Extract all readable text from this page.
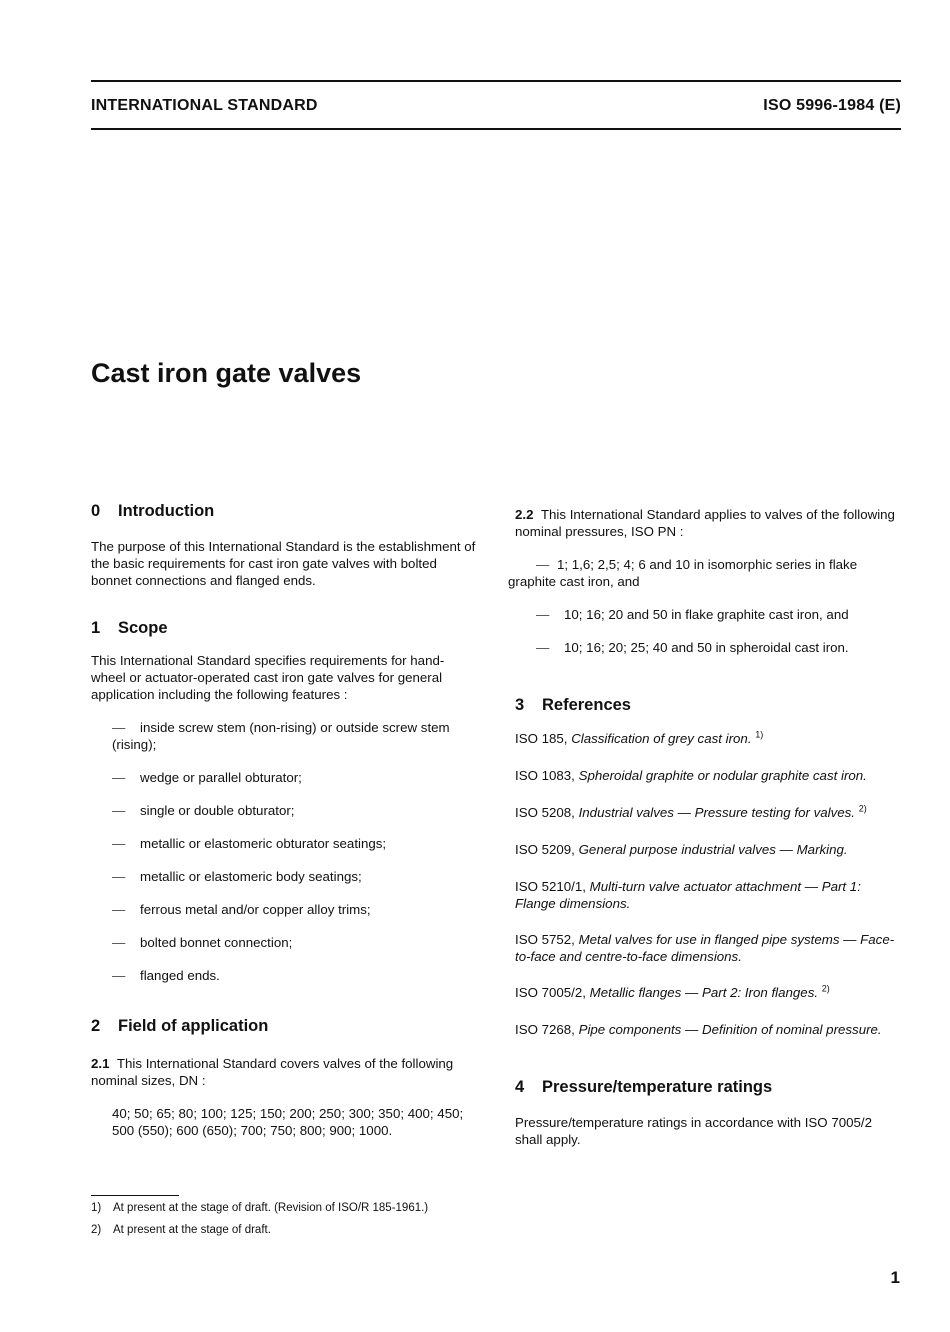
INTERNATIONAL STANDARD	ISO 5996-1984 (E)
Cast iron gate valves
0 Introduction

The purpose of this International Standard is the establishment of the basic requirements for cast iron gate valves with bolted bonnet connections and flanged ends.

1 Scope

This International Standard specifies requirements for hand-wheel or actuator-operated cast iron gate valves for general application including the following features :

— inside screw stem (non-rising) or outside screw stem (rising);
— wedge or parallel obturator;
— single or double obturator;
— metallic or elastomeric obturator seatings;
— metallic or elastomeric body seatings;
— ferrous metal and/or copper alloy trims;
— bolted bonnet connection;
— flanged ends.
2 Field of application

2.1 This International Standard covers valves of the following nominal sizes, DN :

40; 50; 65; 80; 100; 125; 150; 200; 250; 300; 350; 400; 450; 500 (550); 600 (650); 700; 750; 800; 900; 1000.

2.2 This International Standard applies to valves of the following nominal pressures, ISO PN :

— 1; 1,6; 2,5; 4; 6 and 10 in isomorphic series in flake graphite cast iron, and
— 10; 16; 20 and 50 in flake graphite cast iron, and
— 10; 16; 20; 25; 40 and 50 in spheroidal cast iron.
3 References

ISO 185, Classification of grey cast iron. $^{1)}$

ISO 1083, Spheroidal graphite or nodular graphite cast iron.

ISO 5208, Industrial valves — Pressure testing for valves. $^{2)}$

ISO 5209, General purpose industrial valves — Marking.

ISO 5210/1, Multi-turn valve actuator attachment — Part 1: Flange dimensions.

ISO 5752, Metal valves for use in flanged pipe systems — Face-to-face and centre-to-face dimensions.

ISO 7005/2, Metallic flanges — Part 2: Iron flanges. $^{2)}$

ISO 7268, Pipe components — Definition of nominal pressure.

4 Pressure/temperature ratings

Pressure/temperature ratings in accordance with ISO 7005/2 shall apply.

1) At present at the stage of draft. (Revision of ISO/R 185-1961.)
2) At present at the stage of draft.
1
